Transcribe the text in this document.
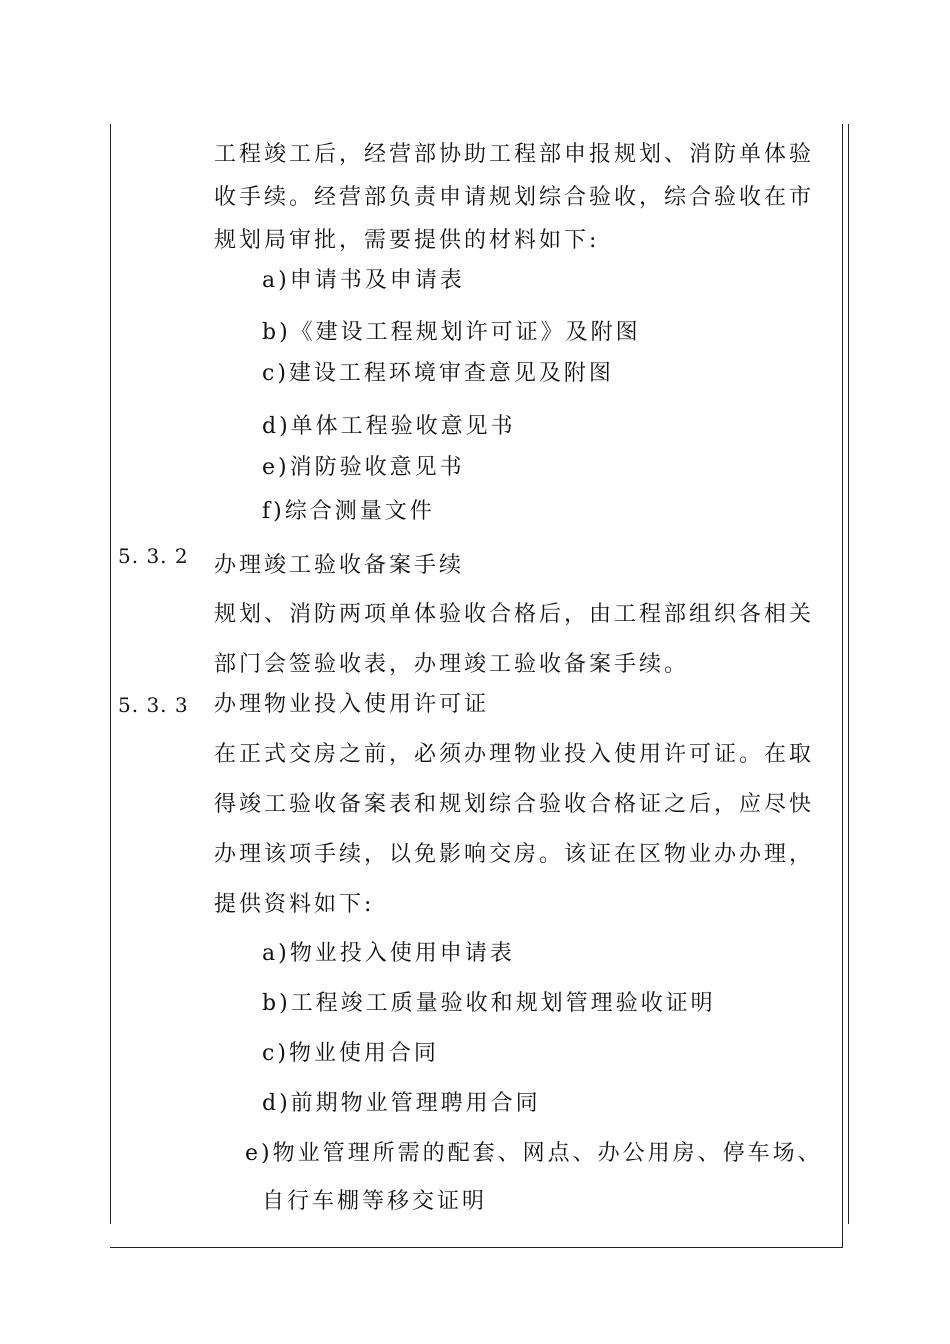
工程竣工后，经营部协助工程部申报规划、消防单体验
收手续。经营部负责申请规划综合验收，综合验收在市
规划局审批，需要提供的材料如下:
a)申请书及申请表
b)《建设工程规划许可证》及附图
c)建设工程环境审查意见及附图
d)单体工程验收意见书
e)消防验收意见书
f)综合测量文件
5. 3. 2 办理竣工验收备案手续
规划、消防两项单体验收合格后，由工程部组织各相关
部门会签验收表，办理竣工验收备案手续。
5. 3. 3 办理物业投入使用许可证
在正式交房之前，必须办理物业投入使用许可证。在取
得竣工验收备案表和规划综合验收合格证之后，应尽快
办理该项手续，以免影响交房。该证在区物业办办理，
提供资料如下:
a)物业投入使用申请表
b)工程竣工质量验收和规划管理验收证明
c)物业使用合同
d)前期物业管理聘用合同
e)物业管理所需的配套、网点、办公用房、停车场、
自行车棚等移交证明
